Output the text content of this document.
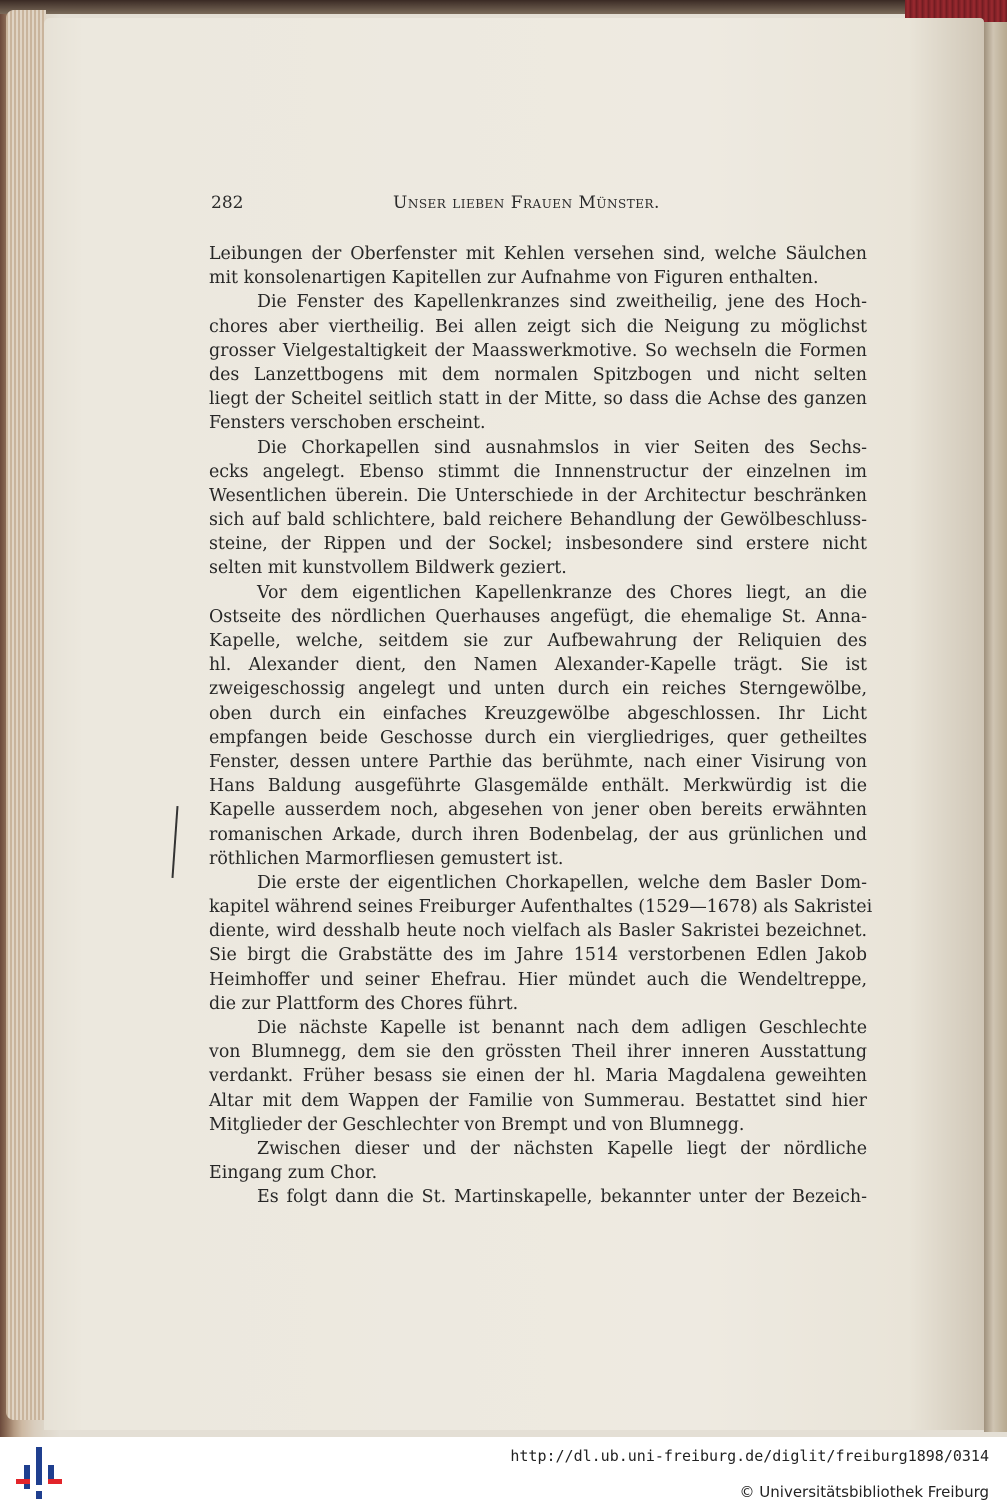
282	Unser lieben Frauen Münster.
Leibungen der Oberfenster mit Kehlen versehen sind, welche Säulchen
mit konsolenartigen Kapitellen zur Aufnahme von Figuren enthalten.
Die Fenster des Kapellenkranzes sind zweitheilig, jene des Hoch-
chores aber viertheilig. Bei allen zeigt sich die Neigung zu möglichst
grosser Vielgestaltigkeit der Maasswerkmotive. So wechseln die Formen
des Lanzettbogens mit dem normalen Spitzbogen und nicht selten
liegt der Scheitel seitlich statt in der Mitte, so dass die Achse des ganzen
Fensters verschoben erscheint.
Die Chorkapellen sind ausnahmslos in vier Seiten des Sechs-
ecks angelegt. Ebenso stimmt die Innnenstructur der einzelnen im
Wesentlichen überein. Die Unterschiede in der Architectur beschränken
sich auf bald schlichtere, bald reichere Behandlung der Gewölbeschluss-
steine, der Rippen und der Sockel; insbesondere sind erstere nicht
selten mit kunstvollem Bildwerk geziert.
Vor dem eigentlichen Kapellenkranze des Chores liegt, an die
Ostseite des nördlichen Querhauses angefügt, die ehemalige St. Anna-
Kapelle, welche, seitdem sie zur Aufbewahrung der Reliquien des
hl. Alexander dient, den Namen Alexander-Kapelle trägt. Sie ist
zweigeschossig angelegt und unten durch ein reiches Sterngewölbe,
oben durch ein einfaches Kreuzgewölbe abgeschlossen. Ihr Licht
empfangen beide Geschosse durch ein viergliedriges, quer getheiltes
Fenster, dessen untere Parthie das berühmte, nach einer Visirung von
Hans Baldung ausgeführte Glasgemälde enthält. Merkwürdig ist die
Kapelle ausserdem noch, abgesehen von jener oben bereits erwähnten
romanischen Arkade, durch ihren Bodenbelag, der aus grünlichen und
röthlichen Marmorfliesen gemustert ist.
Die erste der eigentlichen Chorkapellen, welche dem Basler Dom-
kapitel während seines Freiburger Aufenthaltes (1529—1678) als Sakristei
diente, wird desshalb heute noch vielfach als Basler Sakristei bezeichnet.
Sie birgt die Grabstätte des im Jahre 1514 verstorbenen Edlen Jakob
Heimhoffer und seiner Ehefrau. Hier mündet auch die Wendeltreppe,
die zur Plattform des Chores führt.
Die nächste Kapelle ist benannt nach dem adligen Geschlechte
von Blumnegg, dem sie den grössten Theil ihrer inneren Ausstattung
verdankt. Früher besass sie einen der hl. Maria Magdalena geweihten
Altar mit dem Wappen der Familie von Summerau. Bestattet sind hier
Mitglieder der Geschlechter von Brempt und von Blumnegg.
Zwischen dieser und der nächsten Kapelle liegt der nördliche
Eingang zum Chor.
Es folgt dann die St. Martinskapelle, bekannter unter der Bezeich-
http://dl.ub.uni-freiburg.de/diglit/freiburg1898/0314
© Universitätsbibliothek Freiburg
